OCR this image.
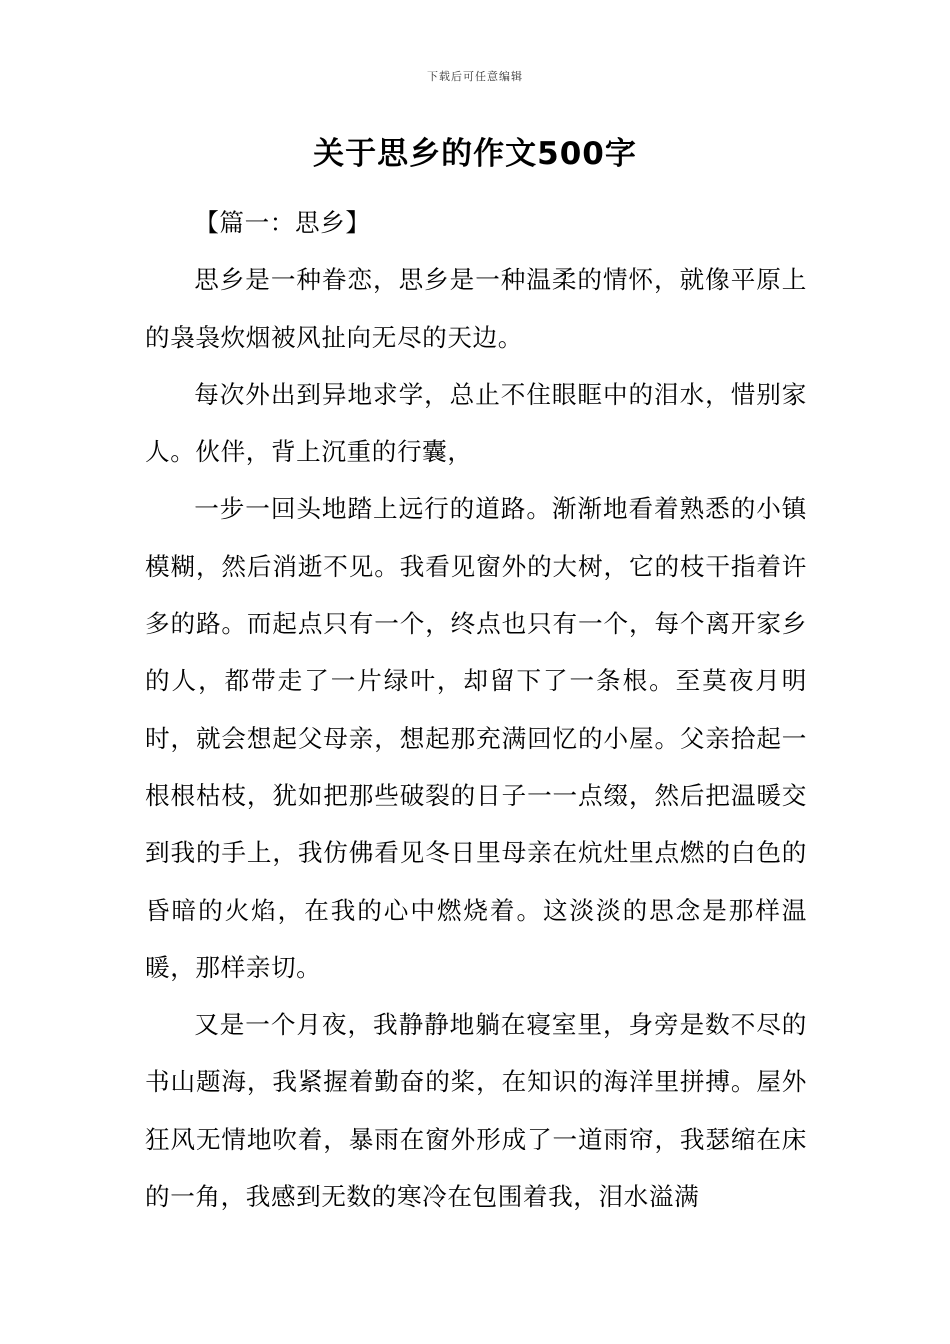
下载后可任意编辑
关于思乡的作文500字

【篇一：思乡】

思乡是一种眷恋，思乡是一种温柔的情怀，就像平原上的袅袅炊烟被风扯向无尽的天边。

每次外出到异地求学，总止不住眼眶中的泪水，惜别家人。伙伴，背上沉重的行囊，

一步一回头地踏上远行的道路。渐渐地看着熟悉的小镇模糊，然后消逝不见。我看见窗外的大树，它的枝干指着许多的路。而起点只有一个，终点也只有一个，每个离开家乡的人，都带走了一片绿叶，却留下了一条根。至莫夜月明时，就会想起父母亲，想起那充满回忆的小屋。父亲拾起一根根枯枝，犹如把那些破裂的日子一一点缀，然后把温暖交到我的手上，我仿佛看见冬日里母亲在炕灶里点燃的白色的昏暗的火焰，在我的心中燃烧着。这淡淡的思念是那样温暖，那样亲切。

又是一个月夜，我静静地躺在寝室里，身旁是数不尽的书山题海，我紧握着勤奋的桨，在知识的海洋里拼搏。屋外狂风无情地吹着，暴雨在窗外形成了一道雨帘，我瑟缩在床的一角，我感到无数的寒冷在包围着我，泪水溢满
